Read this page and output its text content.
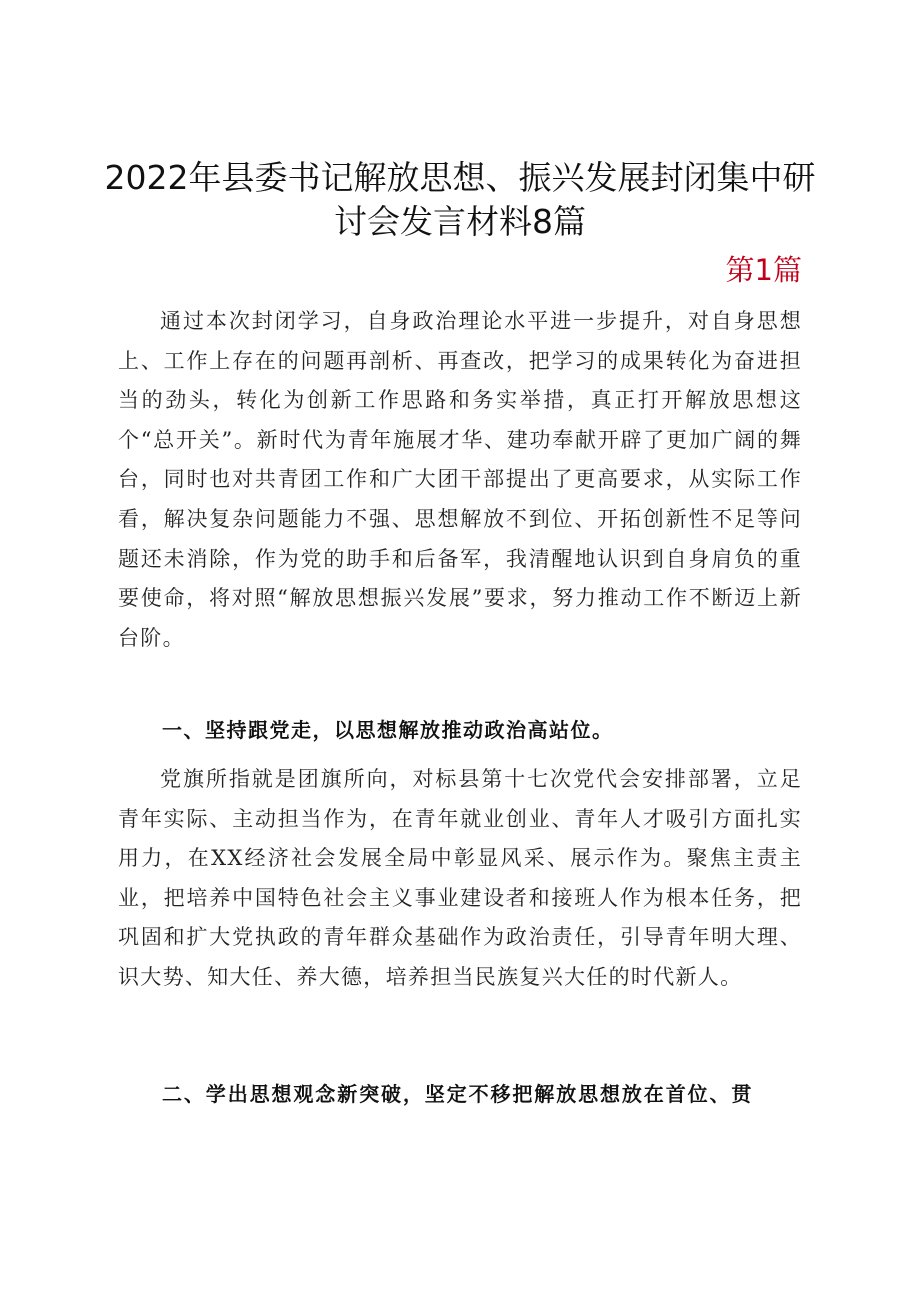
2022年县委书记解放思想、振兴发展封闭集中研
讨会发言材料8篇
第1篇

通过本次封闭学习，自身政治理论水平进一步提升，对自身思想上、工作上存在的问题再剖析、再查改，把学习的成果转化为奋进担当的劲头，转化为创新工作思路和务实举措，真正打开解放思想这个“总开关”。新时代为青年施展才华、建功奉献开辟了更加广阔的舞台，同时也对共青团工作和广大团干部提出了更高要求，从实际工作看，解决复杂问题能力不强、思想解放不到位、开拓创新性不足等问题还未消除，作为党的助手和后备军，我清醒地认识到自身肩负的重要使命，将对照“解放思想振兴发展”要求，努力推动工作不断迈上新台阶。

一、坚持跟党走，以思想解放推动政治高站位。

党旗所指就是团旗所向，对标县第十七次党代会安排部署，立足青年实际、主动担当作为，在青年就业创业、青年人才吸引方面扎实用力，在XX经济社会发展全局中彰显风采、展示作为。聚焦主责主业，把培养中国特色社会主义事业建设者和接班人作为根本任务，把巩固和扩大党执政的青年群众基础作为政治责任，引导青年明大理、识大势、知大任、养大德，培养担当民族复兴大任的时代新人。

二、学出思想观念新突破，坚定不移把解放思想放在首位、贯
